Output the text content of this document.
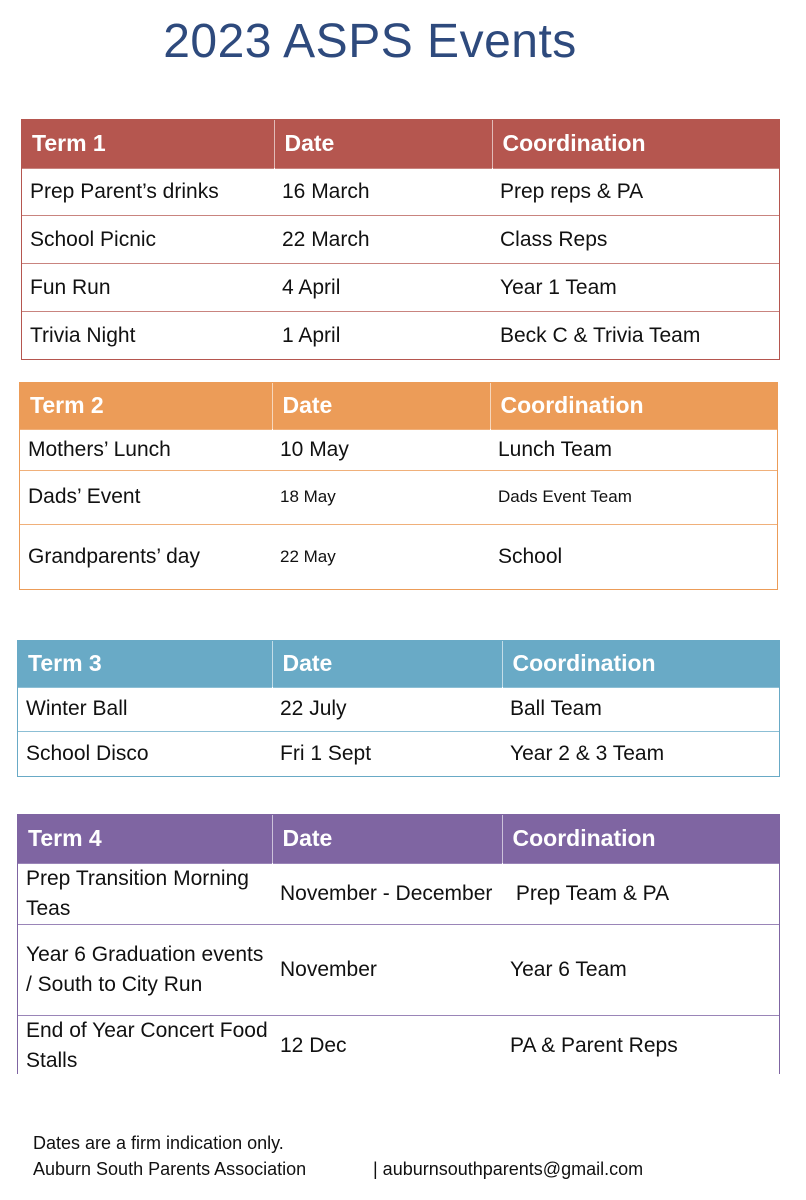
2023 ASPS Events
Term 1	Date	Coordination
Prep Parent’s drinks	16 March	Prep reps & PA
School Picnic	22 March	Class Reps
Fun Run	4 April	Year 1 Team
Trivia Night	1 April	Beck C & Trivia Team
Term 2	Date	Coordination
Mothers’ Lunch	10 May	Lunch Team
Dads’ Event	18 May	Dads Event Team
Grandparents’ day	22 May	School
Term 3	Date	Coordination
Winter Ball	22 July	Ball Team
School Disco	Fri 1 Sept	Year 2 & 3 Team
Term 4	Date	Coordination
Prep Transition Morning Teas	November - December	Prep Team & PA
Year 6 Graduation events / South to City Run	November	Year 6 Team
End of Year Concert Food Stalls	12 Dec	PA & Parent Reps
Dates are a firm indication only.
Auburn South Parents Association	| auburnsouthparents@gmail.com
